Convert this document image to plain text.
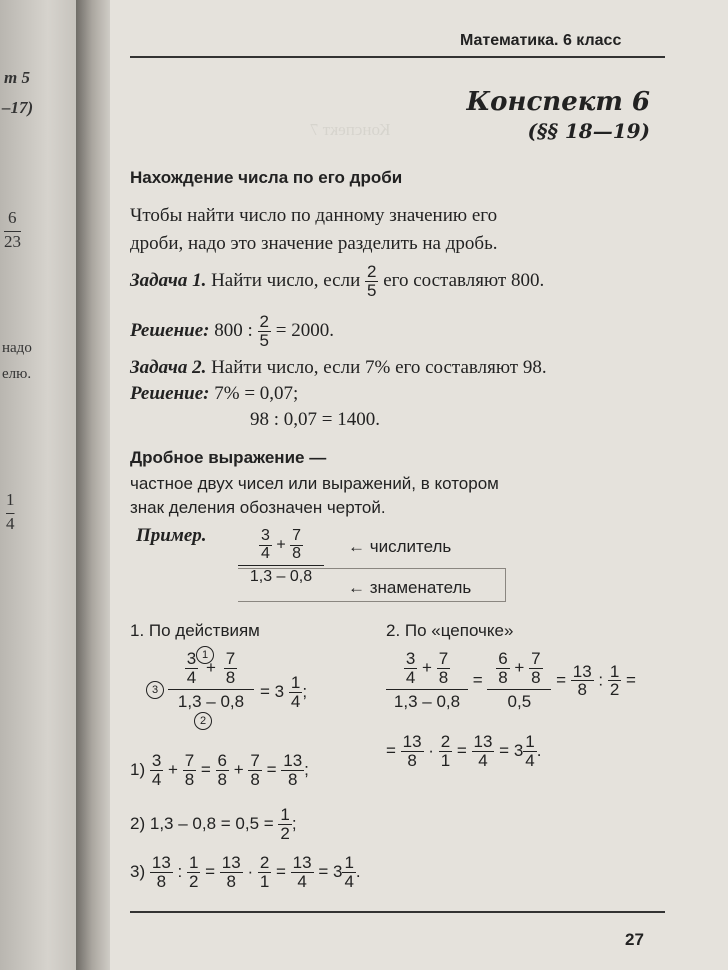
т 5
–17)
6
23
надо
елю.
1
4
Конспект 7
Математика. 6 класс
Конспект 6
(§§ 18—19)
Нахождение числа по его дроби
Чтобы найти число по данному значению его
дроби, надо это значение разделить на дробь.
Задача 1. Найти число, если $\frac{2}{5}$ его составляют 800.
Решение: 800 : $\frac{2}{5} = 2000$.
Задача 2. Найти число, если 7% его составляют 98.
Решение: 7% = 0,07;
98 : 0,07 = 1400.
Дробное выражение —
частное двух чисел или выражений, в котором
знак деления обозначен чертой.
Пример. $\frac{\frac{3}{4} + \frac{7}{8}}{1,3 - 0,8}$ ← числитель
← знаменатель
1. По действиям
3
1
2
$\frac{3}{4} + \frac{7}{8}$
1,3 – 0,8
= $3 \frac{1}{4}$ ;
$1) \frac{3}{4} + \frac{7}{8} = \frac{6}{8} + \frac{7}{8} = \frac{13}{8}$ ;
2) $1,3 - 0,8 = 0,5 = \frac{1}{2}$ ;
$3) \frac{13}{8}$ : $\frac{1}{2} = \frac{13}{8} \cdot \frac{2}{1} = \frac{13}{4} = 3 \frac{1}{4}$ .
2. По «цепочке»
$\frac{\frac{3}{4} + \frac{7}{8}}{1,3 - 0,8} = \frac{\frac{6}{8} + \frac{7}{8}}{0,5} = \frac{13}{8}$ : $\frac{1}{2}$ =
= $\frac{13}{8} \cdot \frac{2}{1} = \frac{13}{4} = 3 \frac{1}{4}$ .
27
